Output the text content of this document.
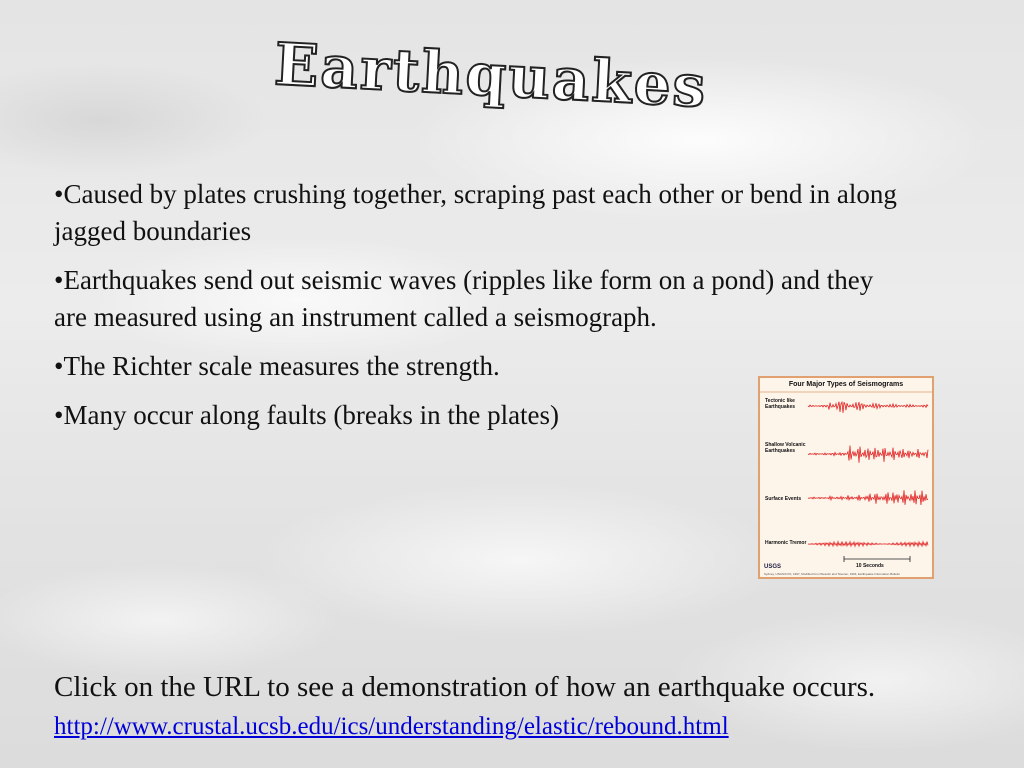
Earthquakes
•Caused by plates crushing together, scraping past each other or bend in along jagged boundaries
•Earthquakes send out seismic waves (ripples like form on a pond) and they are measured using an instrument called a seismograph.
•The Richter scale measures the strength.
•Many occur along faults (breaks in the plates)
Four Major Types of Seismograms
Tectonic like Earthquakes
Shallow Volcanic Earthquakes
Surface Events
Harmonic Tremor
10 Seconds
USGS
Sydney, USGS/CVO, 1997, Modified from Wesolin and Tavener, 1994, Earthquake Information Bulletin
Click on the URL to see a demonstration of how an earthquake occurs. http://www.crustal.ucsb.edu/ics/understanding/elastic/rebound.html
